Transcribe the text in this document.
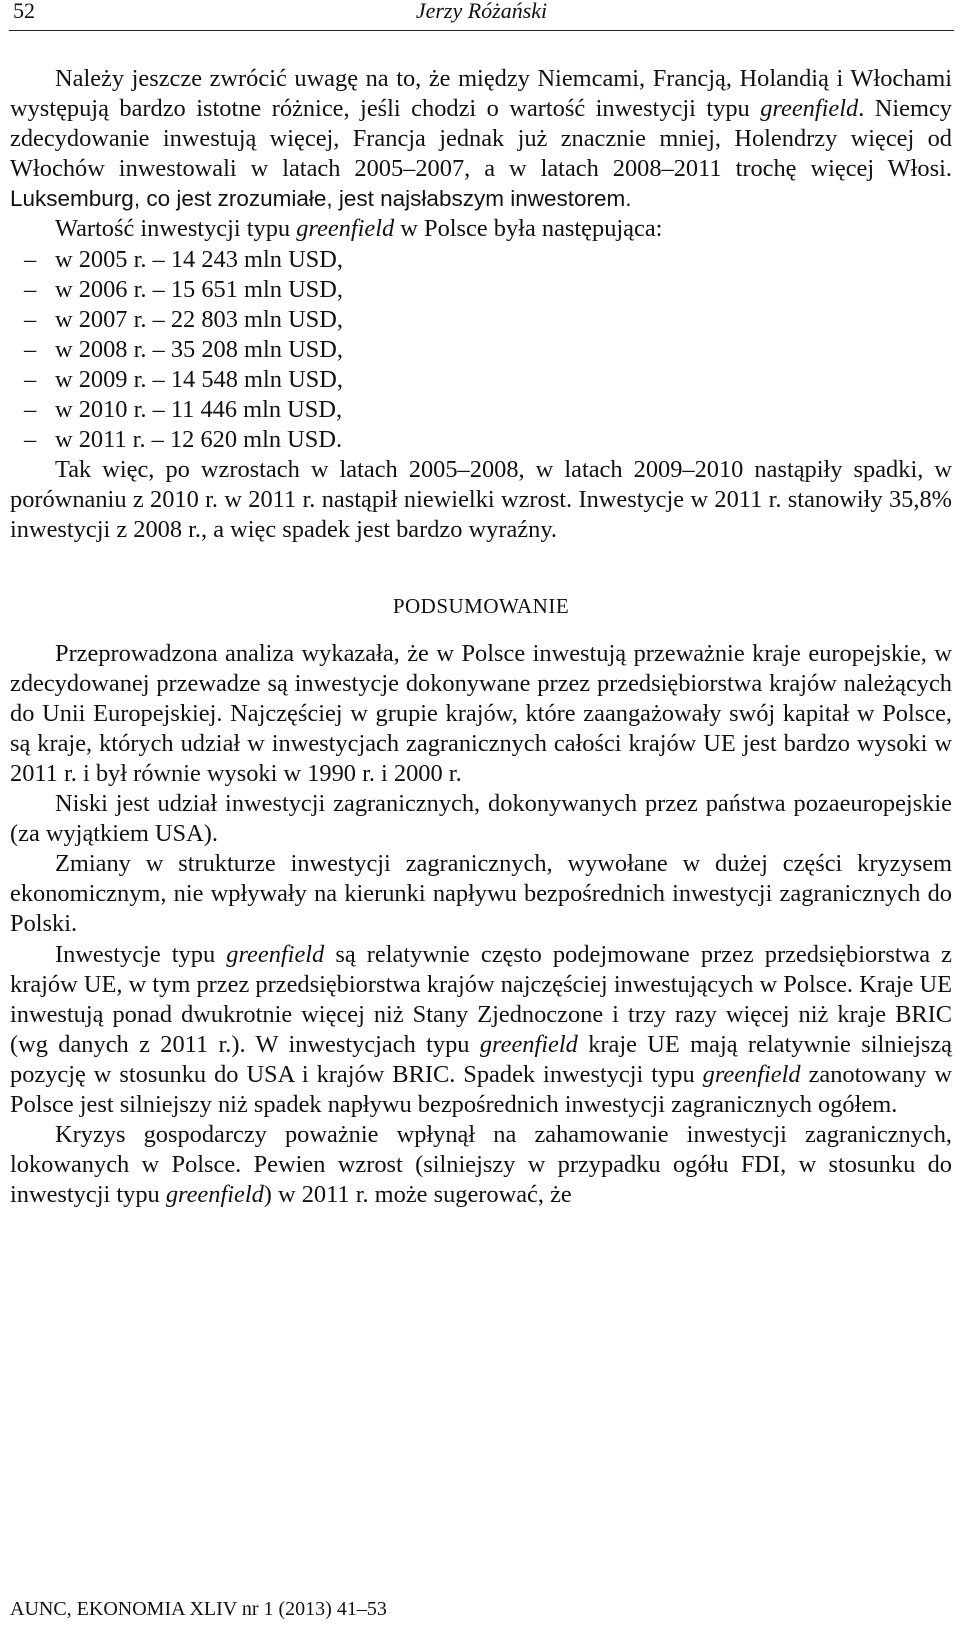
52	Jerzy Różański

Należy jeszcze zwrócić uwagę na to, że między Niemcami, Francją, Holandią i Włochami występują bardzo istotne różnice, jeśli chodzi o wartość inwestycji typu greenfield. Niemcy zdecydowanie inwestują więcej, Francja jednak już znacznie mniej, Holendrzy więcej od Włochów inwestowali w latach 2005–2007, a w latach 2008–2011 trochę więcej Włosi. Luksemburg, co jest zrozumiałe, jest najsłabszym inwestorem.

Wartość inwestycji typu greenfield w Polsce była następująca:

– w 2005 r. – 14 243 mln USD,
– w 2006 r. – 15 651 mln USD,
– w 2007 r. – 22 803 mln USD,
– w 2008 r. – 35 208 mln USD,
– w 2009 r. – 14 548 mln USD,
– w 2010 r. – 11 446 mln USD,
– w 2011 r. – 12 620 mln USD.

Tak więc, po wzrostach w latach 2005–2008, w latach 2009–2010 nastąpiły spadki, w porównaniu z 2010 r. w 2011 r. nastąpił niewielki wzrost. Inwestycje w 2011 r. stanowiły 35,8% inwestycji z 2008 r., a więc spadek jest bardzo wyraźny.

PODSUMOWANIE

Przeprowadzona analiza wykazała, że w Polsce inwestują przeważnie kraje europejskie, w zdecydowanej przewadze są inwestycje dokonywane przez przedsiębiorstwa krajów należących do Unii Europejskiej. Najczęściej w grupie krajów, które zaangażowały swój kapitał w Polsce, są kraje, których udział w inwestycjach zagranicznych całości krajów UE jest bardzo wysoki w 2011 r. i był równie wysoki w 1990 r. i 2000 r.

Niski jest udział inwestycji zagranicznych, dokonywanych przez państwa pozaeuropejskie (za wyjątkiem USA).

Zmiany w strukturze inwestycji zagranicznych, wywołane w dużej części kryzysem ekonomicznym, nie wpływały na kierunki napływu bezpośrednich inwestycji zagranicznych do Polski.

Inwestycje typu greenfield są relatywnie często podejmowane przez przedsiębiorstwa z krajów UE, w tym przez przedsiębiorstwa krajów najczęściej inwestujących w Polsce. Kraje UE inwestują ponad dwukrotnie więcej niż Stany Zjednoczone i trzy razy więcej niż kraje BRIC (wg danych z 2011 r.). W inwestycjach typu greenfield kraje UE mają relatywnie silniejszą pozycję w stosunku do USA i krajów BRIC. Spadek inwestycji typu greenfield zanotowany w Polsce jest silniejszy niż spadek napływu bezpośrednich inwestycji zagranicznych ogółem.

Kryzys gospodarczy poważnie wpłynął na zahamowanie inwestycji zagranicznych, lokowanych w Polsce. Pewien wzrost (silniejszy w przypadku ogółu FDI, w stosunku do inwestycji typu greenfield) w 2011 r. może sugerować, że

AUNC, EKONOMIA XLIV nr 1 (2013) 41–53
